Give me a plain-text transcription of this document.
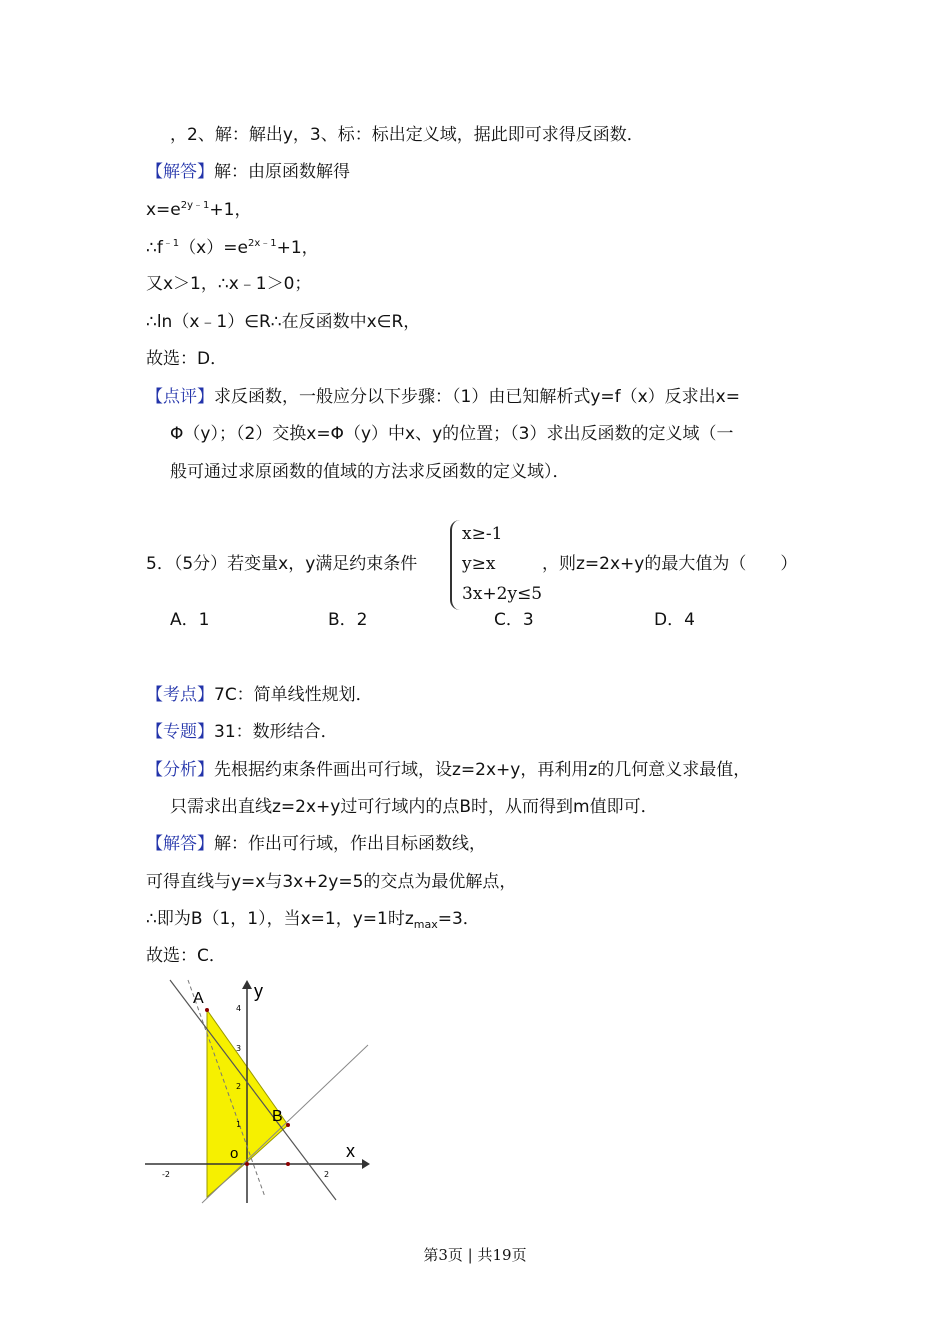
，2、解：解出y，3、标：标出定义域，据此即可求得反函数．
【解答】解：由原函数解得
$x=e^{2y﹣1}+1$，
$\therefore f^{﹣1}(x)=e^{2x﹣1}+1$，
又x＞1，∴x﹣1＞0；
∴ln（x﹣1）∈R∴在反函数中x∈R，
故选：D．
【点评】求反函数，一般应分以下步骤：（1）由已知解析式y=f（x）反求出x=
Φ（y）；（2）交换x=Φ（y）中x、y的位置；（3）求出反函数的定义域（一
般可通过求原函数的值域的方法求反函数的定义域）．
5．（5分）若变量x，y满足约束条件
x≥-1
y≥x
3x+2y≤5
，则z=2x+y的最大值为（　　）
A．1	B．2	C．3	D．4
【考点】7C：简单线性规划．
【专题】31：数形结合．
【分析】先根据约束条件画出可行域，设z=2x+y，再利用z的几何意义求最值，
只需求出直线z=2x+y过可行域内的点B时，从而得到m值即可．
【解答】解：作出可行域，作出目标函数线，
可得直线与y=x与3x+2y=5的交点为最优解点，
∴即为B（1，1），当x=1，y=1时$z_{max}=3$．
故选：C．
A
B
o	x
y
4
3
2
1
-2	2
第3页 | 共19页
